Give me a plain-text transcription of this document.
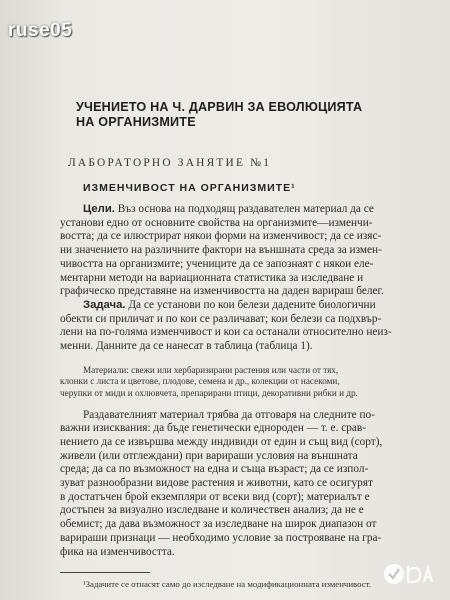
ruse05
УЧЕНИЕТО НА Ч. ДАРВИН ЗА ЕВОЛЮЦИЯТА
НА ОРГАНИЗМИТЕ
ЛАБОРАТОРНО ЗАНЯТИЕ №1
ИЗМЕНЧИВОСТ НА ОРГАНИЗМИТЕ¹
Цели. Въз основа на подходящ раздавателен материал да се
установи едно от основните свойства на организмите—изменчи-
востта; да се илюстрират някои форми на изменчивост; да се изяс-
ни значението на различните фактори на външната среда за измен-
чивостта на организмите; учениците да се запознаят с някои еле-
ментарни методи на вариационната статистика за изследване и
графическо представяне на изменчивостта на даден варираш белег.
Задача. Да се установи по кои белези дадените биологични
обекти си приличат и по кои се различават; кои белези са подхвър-
лени на по-голяма изменчивост и кои са останали относително неиз-
менни. Данните да се нанесат в таблица (таблица 1).
Материали: свежи или хербаризирани растения или части от тях,
клонки с листа и цветове, плодове, семена и др., колекции от насекоми,
черупки от миди и охлювчета, препарирани птици, декоративни рибки и др.
Раздавателният материал трябва да отговаря на следните по-
важни изисквания: да бъде генетически еднороден — т. е. срав-
нението да се извършва между индивиди от един и същ вид (сорт),
живели (или отглеждани) при варираши условия на външната
среда; да са по възможност на една и съща възраст; да се изпол-
зуват разнообразни видове растения и животни, като се осигурят
в достатъчен брой екземпляри от всеки вид (сорт); материалът е
достъпен за визуално изследване и количествен анализ; да не е
обемист; да дава възможност за изследване на широк диапазон от
варираши признаци — необходимо условие за построяване на гра-
фика на изменчивостта.
¹Задачите се отнасят само до изследване на модификационната изменчивост.
